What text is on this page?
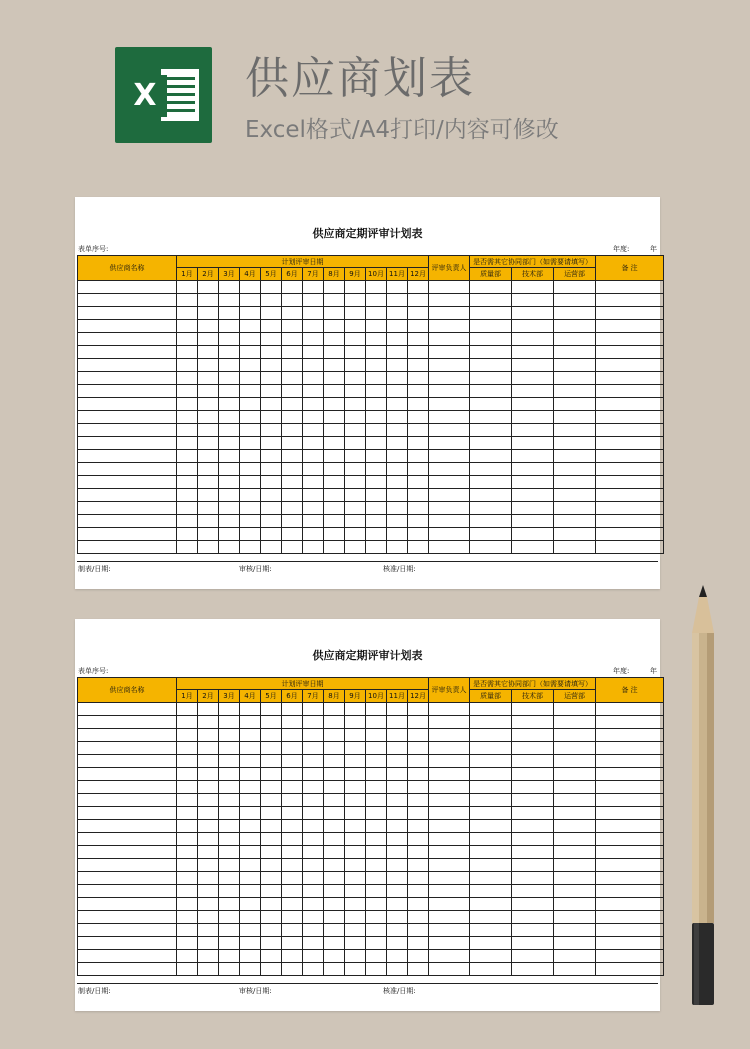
X 供应商划表
Excel格式/A4打印/内容可修改
供应商定期评审计划表
表单序号:	年度:	年
供应商名称	计划评审日期												评审负责人	是否需其它协同部门（如需要请填写）			备 注
	1月	2月	3月	4月	5月	6月	7月	8月	9月	10月	11月	12月		质量部	技术部	运营部	

制表/日期:	审核/日期:	核准/日期:
供应商定期评审计划表
表单序号:	年度:	年
供应商名称	计划评审日期												评审负责人	是否需其它协同部门（如需要请填写）			备 注
	1月	2月	3月	4月	5月	6月	7月	8月	9月	10月	11月	12月		质量部	技术部	运营部	

制表/日期:	审核/日期:	核准/日期:
